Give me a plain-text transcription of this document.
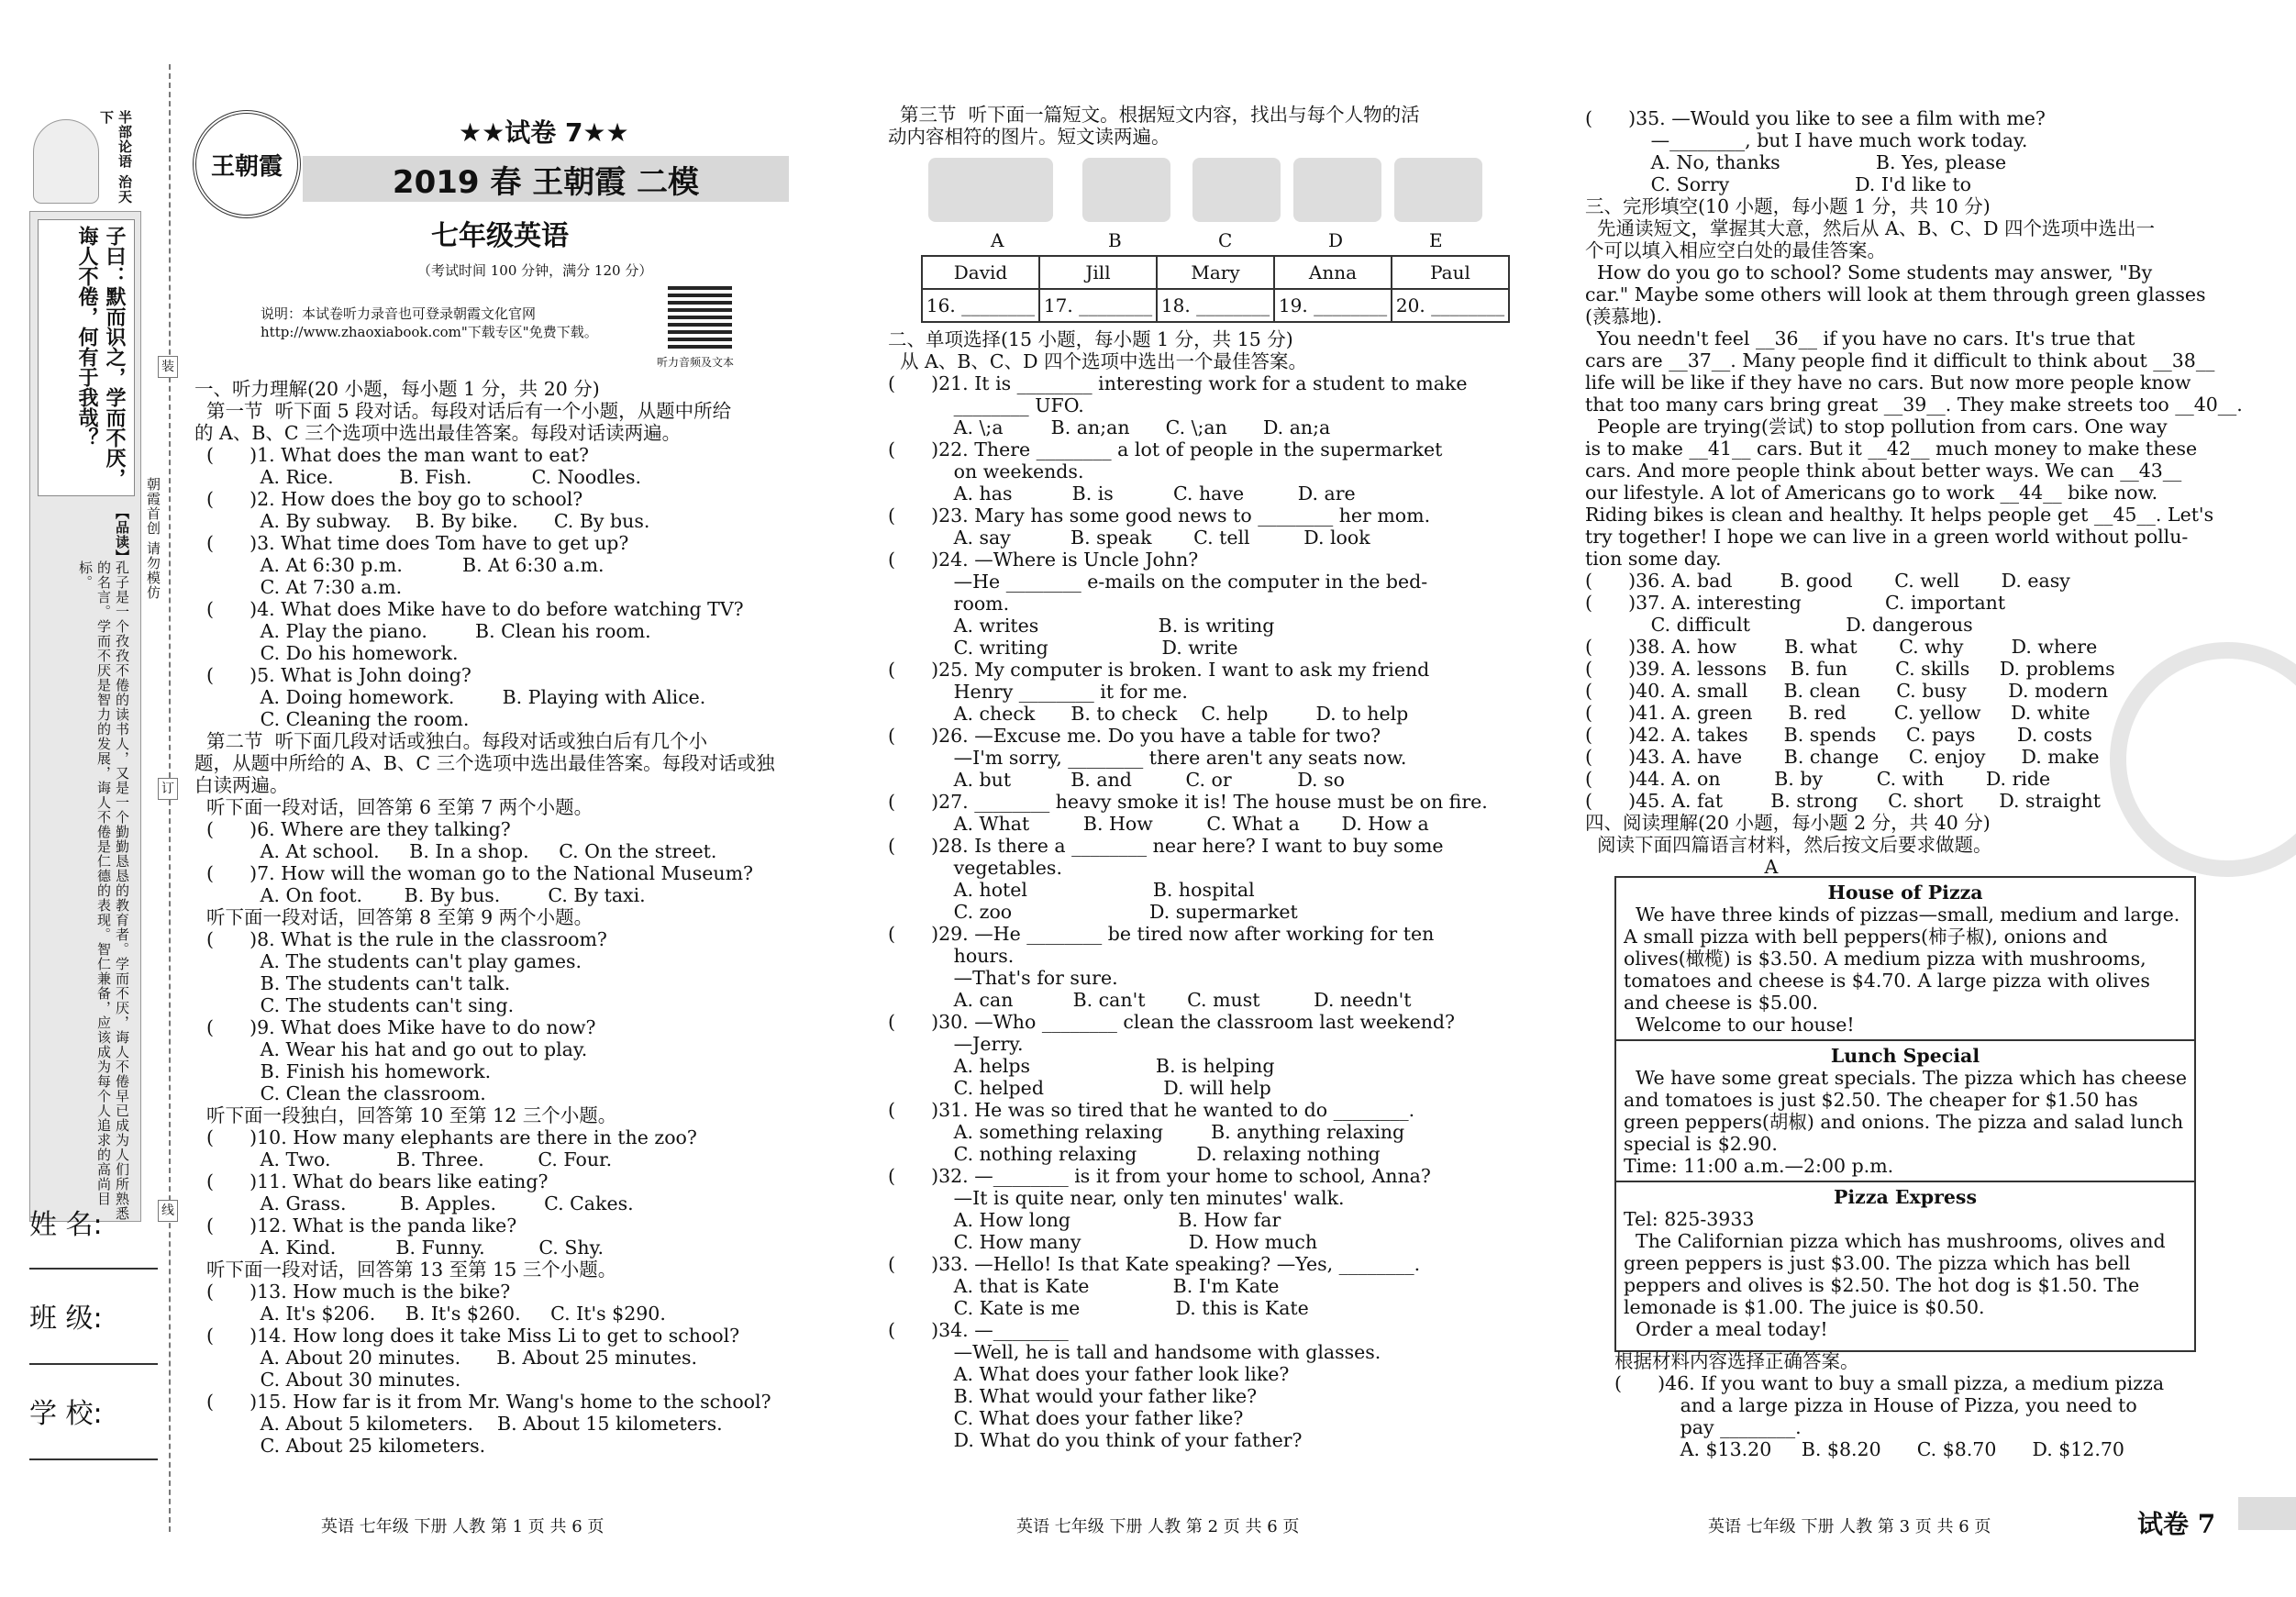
半部论语 治天下
子曰：默而识之，学而不厌，诲人不倦，何有于我哉？
【品读】
孔子是一个孜孜不倦的读书人，又是一个勤勤恳恳的教育者。学而不厌，诲人不倦早已成为人们所熟悉的名言。学而不厌是智力的发展，诲人不倦是仁德的表现。智仁兼备，应该成为每个人追求的高尚目标。	朝霞首创 请勿模仿
姓 名:
班 级:
学 校:
装
订
线
王朝霞
★★试卷 7★★
2019 春 王朝霞 二模
七年级英语
（考试时间 100 分钟，满分 120 分）
说明：本试卷听力录音也可登录朝霞文化官网 http://www.zhaoxiabook.com"下载专区"免费下载。
听力音频及文本

一、听力理解(20 小题，每小题 1 分，共 20 分)

第一节  听下面 5 段对话。每段对话后有一个小题，从题中所给

的 A、B、C 三个选项中选出最佳答案。每段对话读两遍。

(      )1. What does the man want to eat?

A. Rice.           B. Fish.          C. Noodles.

(      )2. How does the boy go to school?

A. By subway.    B. By bike.      C. By bus.

(      )3. What time does Tom have to get up?

A. At 6:30 p.m.          B. At 6:30 a.m.

C. At 7:30 a.m.

(      )4. What does Mike have to do before watching TV?

A. Play the piano.        B. Clean his room.

C. Do his homework.

(      )5. What is John doing?

A. Doing homework.        B. Playing with Alice.

C. Cleaning the room.

第二节  听下面几段对话或独白。每段对话或独白后有几个小

题，从题中所给的 A、B、C 三个选项中选出最佳答案。每段对话或独

白读两遍。

听下面一段对话，回答第 6 至第 7 两个小题。

(      )6. Where are they talking?

A. At school.     B. In a shop.     C. On the street.

(      )7. How will the woman go to the National Museum?

A. On foot.       B. By bus.        C. By taxi.

听下面一段对话，回答第 8 至第 9 两个小题。

(      )8. What is the rule in the classroom?

A. The students can't play games.

B. The students can't talk.

C. The students can't sing.

(      )9. What does Mike have to do now?

A. Wear his hat and go out to play.

B. Finish his homework.

C. Clean the classroom.

听下面一段独白，回答第 10 至第 12 三个小题。

(      )10. How many elephants are there in the zoo?

A. Two.           B. Three.         C. Four.

(      )11. What do bears like eating?

A. Grass.         B. Apples.        C. Cakes.

(      )12. What is the panda like?

A. Kind.          B. Funny.         C. Shy.

听下面一段对话，回答第 13 至第 15 三个小题。

(      )13. How much is the bike?

A. It's $206.     B. It's $260.     C. It's $290.

(      )14. How long does it take Miss Li to get to school?

A. About 20 minutes.      B. About 25 minutes.

C. About 30 minutes.

(      )15. How far is it from Mr. Wang's home to the school?

A. About 5 kilometers.    B. About 15 kilometers.

C. About 25 kilometers.

第三节  听下面一篇短文。根据短文内容，找出与每个人物的活

动内容相符的图片。短文读两遍。

A	B	C	D	E
David	Jill	Mary	Anna	Paul
16. ________	17. ________	18. ________	19. ________	20. ________

二、单项选择(15 小题，每小题 1 分，共 15 分)

从 A、B、C、D 四个选项中选出一个最佳答案。

(      )21. It is ________ interesting work for a student to make

________ UFO.

A. \;a        B. an;an      C. \;an      D. an;a

(      )22. There ________ a lot of people in the supermarket

on weekends.

A. has          B. is          C. have         D. are

(      )23. Mary has some good news to ________ her mom.

A. say          B. speak       C. tell         D. look

(      )24. —Where is Uncle John?

—He ________ e-mails on the computer in the bed-

room.

A. writes                    B. is writing

C. writing                   D. write

(      )25. My computer is broken. I want to ask my friend

Henry ________ it for me.

A. check      B. to check    C. help        D. to help

(      )26. —Excuse me. Do you have a table for two?

—I'm sorry, ________ there aren't any seats now.

A. but          B. and         C. or           D. so

(      )27. ________ heavy smoke it is! The house must be on fire.

A. What         B. How         C. What a       D. How a

(      )28. Is there a ________ near here? I want to buy some

vegetables.

A. hotel                     B. hospital

C. zoo                       D. supermarket

(      )29. —He ________ be tired now after working for ten

hours.

—That's for sure.

A. can          B. can't       C. must         D. needn't

(      )30. —Who ________ clean the classroom last weekend?

—Jerry.

A. helps                     B. is helping

C. helped                    D. will help

(      )31. He was so tired that he wanted to do ________.

A. something relaxing        B. anything relaxing

C. nothing relaxing          D. relaxing nothing

(      )32. —________ is it from your home to school, Anna?

—It is quite near, only ten minutes' walk.

A. How long                  B. How far

C. How many                  D. How much

(      )33. —Hello! Is that Kate speaking? —Yes, ________.

A. that is Kate              B. I'm Kate

C. Kate is me                D. this is Kate

(      )34. —________

—Well, he is tall and handsome with glasses.

A. What does your father look like?

B. What would your father like?

C. What does your father like?

D. What do you think of your father?

(      )35. —Would you like to see a film with me?

—________, but I have much work today.

A. No, thanks                B. Yes, please

C. Sorry                     D. I'd like to

三、完形填空(10 小题，每小题 1 分，共 10 分)

先通读短文，掌握其大意，然后从 A、B、C、D 四个选项中选出一

个可以填入相应空白处的最佳答案。

How do you go to school? Some students may answer, "By

car." Maybe some others will look at them through green glasses

(羡慕地).

You needn't feel __36__ if you have no cars. It's true that

cars are __37__. Many people find it difficult to think about __38__

life will be like if they have no cars. But now more people know

that too many cars bring great __39__. They make streets too __40__.

People are trying(尝试) to stop pollution from cars. One way

is to make __41__ cars. But it __42__ much money to make these

cars. And more people think about better ways. We can __43__

our lifestyle. A lot of Americans go to work __44__ bike now.

Riding bikes is clean and healthy. It helps people get __45__. Let's

try together! I hope we can live in a green world without pollu-

tion some day.

(      )36. A. bad        B. good       C. well       D. easy

(      )37. A. interesting              C. important

C. difficult                D. dangerous

(      )38. A. how        B. what       C. why        D. where

(      )39. A. lessons    B. fun        C. skills     D. problems

(      )40. A. small      B. clean      C. busy       D. modern

(      )41. A. green      B. red        C. yellow     D. white

(      )42. A. takes      B. spends     C. pays       D. costs

(      )43. A. have       B. change     C. enjoy      D. make

(      )44. A. on         B. by         C. with       D. ride

(      )45. A. fat        B. strong     C. short      D. straight

四、阅读理解(20 小题，每小题 2 分，共 40 分)

阅读下面四篇语言材料，然后按文后要求做题。

A

House of Pizza

We have three kinds of pizzas—small, medium and large. A small pizza with bell peppers(柿子椒), onions and olives(橄榄) is $3.50. A medium pizza with mushrooms, tomatoes and cheese is $4.70. A large pizza with olives and cheese is $5.00.
Welcome to our house!

Lunch Special

We have some great specials. The pizza which has cheese and tomatoes is just $2.50. The cheaper for $1.50 has green peppers(胡椒) and onions. The pizza and salad lunch special is $2.90.
Time: 11:00 a.m.—2:00 p.m.

Pizza Express

Tel: 825-3933
The Californian pizza which has mushrooms, olives and green peppers is just $3.00. The pizza which has bell peppers and olives is $2.50. The hot dog is $1.50. The lemonade is $1.00. The juice is $0.50.
Order a meal today!

根据材料内容选择正确答案。

(      )46. If you want to buy a small pizza, a medium pizza

and a large pizza in House of Pizza, you need to

pay ________.

A. $13.20     B. $8.20      C. $8.70      D. $12.70

英语 七年级 下册 人教 第 1 页 共 6 页	英语 七年级 下册 人教 第 2 页 共 6 页	英语 七年级 下册 人教 第 3 页 共 6 页	试卷 7
